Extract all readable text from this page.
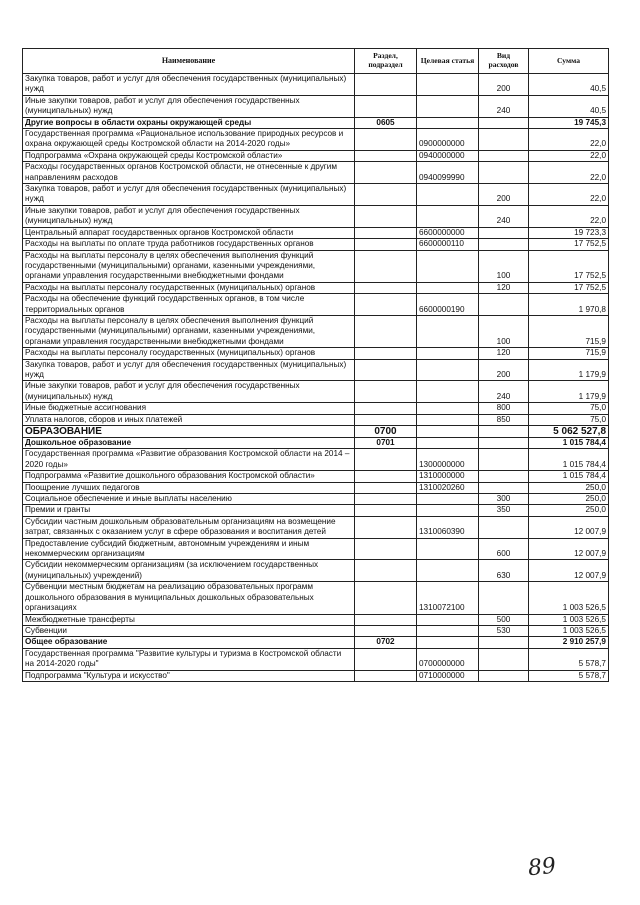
Наименование	Раздел, подраздел	Целевая статья	Вид расходов	Сумма
Закупка товаров, работ и услуг для обеспечения государственных (муниципальных) нужд			200	40,5
Иные закупки товаров, работ и услуг для обеспечения государственных (муниципальных) нужд			240	40,5
Другие вопросы в области охраны окружающей среды	0605			19 745,3
Государственная программа «Рациональное использование природных ресурсов и охрана окружающей среды Костромской области на 2014-2020 годы»		0900000000		22,0
Подпрограмма «Охрана окружающей среды Костромской области»		0940000000		22,0
Расходы государственных органов Костромской области, не отнесенные к другим направлениям расходов		0940099990		22,0
Закупка товаров, работ и услуг для обеспечения государственных (муниципальных) нужд			200	22,0
Иные закупки товаров, работ и услуг для обеспечения государственных (муниципальных) нужд			240	22,0
Центральный аппарат государственных органов Костромской области		6600000000		19 723,3
Расходы на выплаты по оплате труда работников государственных органов		6600000110		17 752,5
Расходы на выплаты персоналу в целях обеспечения выполнения функций государственными (муниципальными) органами, казенными учреждениями, органами управления государственными внебюджетными фондами			100	17 752,5
Расходы на выплаты персоналу государственных (муниципальных) органов			120	17 752,5
Расходы на обеспечение функций государственных органов, в том числе территориальных органов		6600000190		1 970,8
Расходы на выплаты персоналу в целях обеспечения выполнения функций государственными (муниципальными) органами, казенными учреждениями, органами управления государственными внебюджетными фондами			100	715,9
Расходы на выплаты персоналу государственных (муниципальных) органов			120	715,9
Закупка товаров, работ и услуг для обеспечения государственных (муниципальных) нужд			200	1 179,9
Иные закупки товаров, работ и услуг для обеспечения государственных (муниципальных) нужд			240	1 179,9
Иные бюджетные ассигнования			800	75,0
Уплата налогов, сборов и иных платежей			850	75,0
ОБРАЗОВАНИЕ	0700			5 062 527,8
Дошкольное образование	0701			1 015 784,4
Государственная программа «Развитие образования Костромской области на 2014 – 2020 годы»		1300000000		1 015 784,4
Подпрограмма «Развитие дошкольного образования Костромской области»		1310000000		1 015 784,4
Поощрение лучших педагогов		1310020260		250,0
Социальное обеспечение и иные выплаты населению			300	250,0
Премии и гранты			350	250,0
Субсидии частным дошкольным образовательным организациям на возмещение затрат, связанных с оказанием услуг в сфере образования и воспитания детей		1310060390		12 007,9
Предоставление субсидий бюджетным, автономным учреждениям и иным некоммерческим организациям			600	12 007,9
Субсидии некоммерческим организациям (за исключением государственных (муниципальных) учреждений)			630	12 007,9
Субвенции местным бюджетам на реализацию образовательных программ дошкольного образования в муниципальных дошкольных образовательных организациях		1310072100		1 003 526,5
Межбюджетные трансферты			500	1 003 526,5
Субвенции			530	1 003 526,5
Общее образование	0702			2 910 257,9
Государственная программа "Развитие культуры и туризма в Костромской области на 2014-2020 годы"		0700000000		5 578,7
Подпрограмма "Культура и искусство"		0710000000		5 578,7
89
